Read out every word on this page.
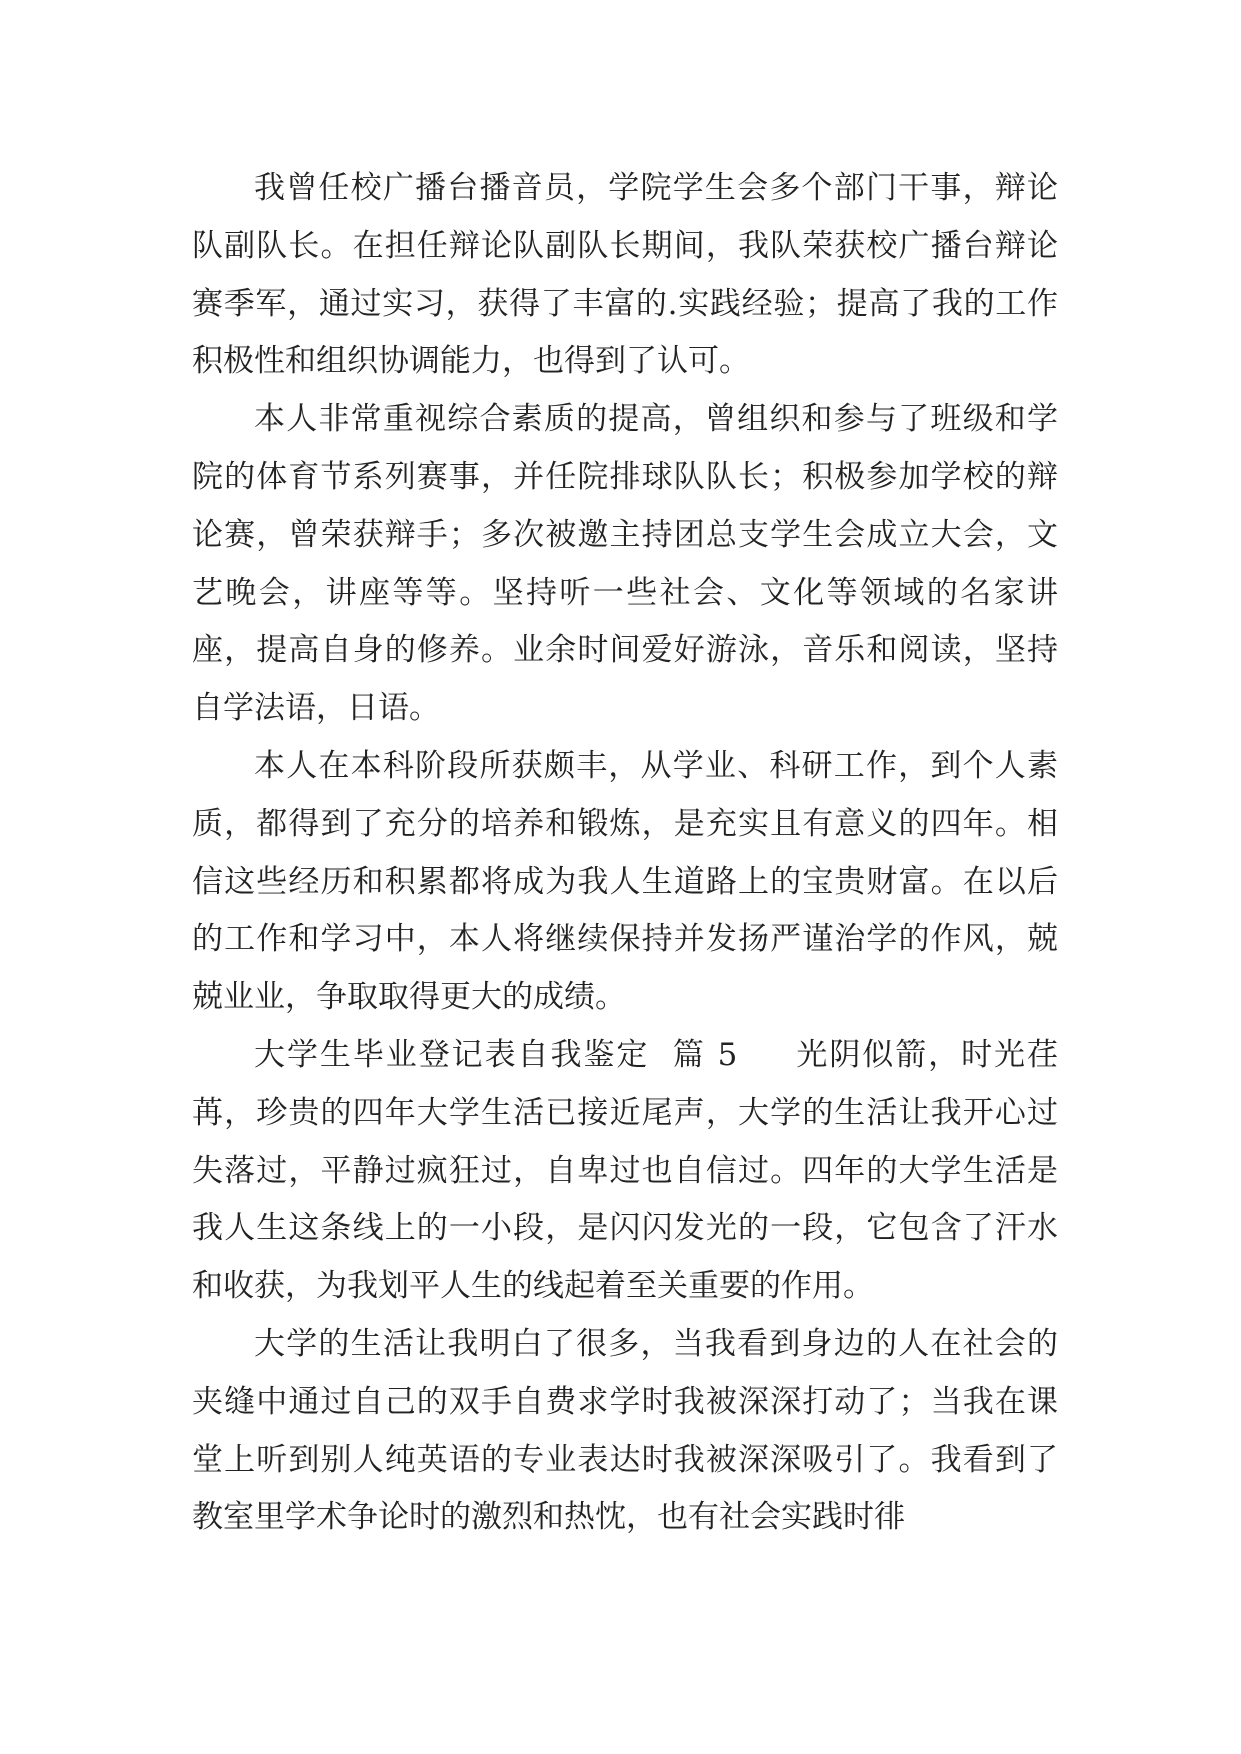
我曾任校广播台播音员，学院学生会多个部门干事，辩论队副队长。在担任辩论队副队长期间，我队荣获校广播台辩论赛季军，通过实习，获得了丰富的.实践经验；提高了我的工作积极性和组织协调能力，也得到了认可。

本人非常重视综合素质的提高，曾组织和参与了班级和学院的体育节系列赛事，并任院排球队队长；积极参加学校的辩论赛，曾荣获辩手；多次被邀主持团总支学生会成立大会，文艺晚会，讲座等等。坚持听一些社会、文化等领域的名家讲座，提高自身的修养。业余时间爱好游泳，音乐和阅读，坚持自学法语，日语。

本人在本科阶段所获颇丰，从学业、科研工作，到个人素质，都得到了充分的培养和锻炼，是充实且有意义的四年。相信这些经历和积累都将成为我人生道路上的宝贵财富。在以后的工作和学习中，本人将继续保持并发扬严谨治学的作风，兢兢业业，争取取得更大的成绩。

大学生毕业登记表自我鉴定  篇 5     光阴似箭，时光荏苒，珍贵的四年大学生活已接近尾声，大学的生活让我开心过失落过，平静过疯狂过，自卑过也自信过。四年的大学生活是我人生这条线上的一小段，是闪闪发光的一段，它包含了汗水和收获，为我划平人生的线起着至关重要的作用。

大学的生活让我明白了很多，当我看到身边的人在社会的夹缝中通过自己的双手自费求学时我被深深打动了；当我在课堂上听到别人纯英语的专业表达时我被深深吸引了。我看到了教室里学术争论时的激烈和热忱，也有社会实践时徘
